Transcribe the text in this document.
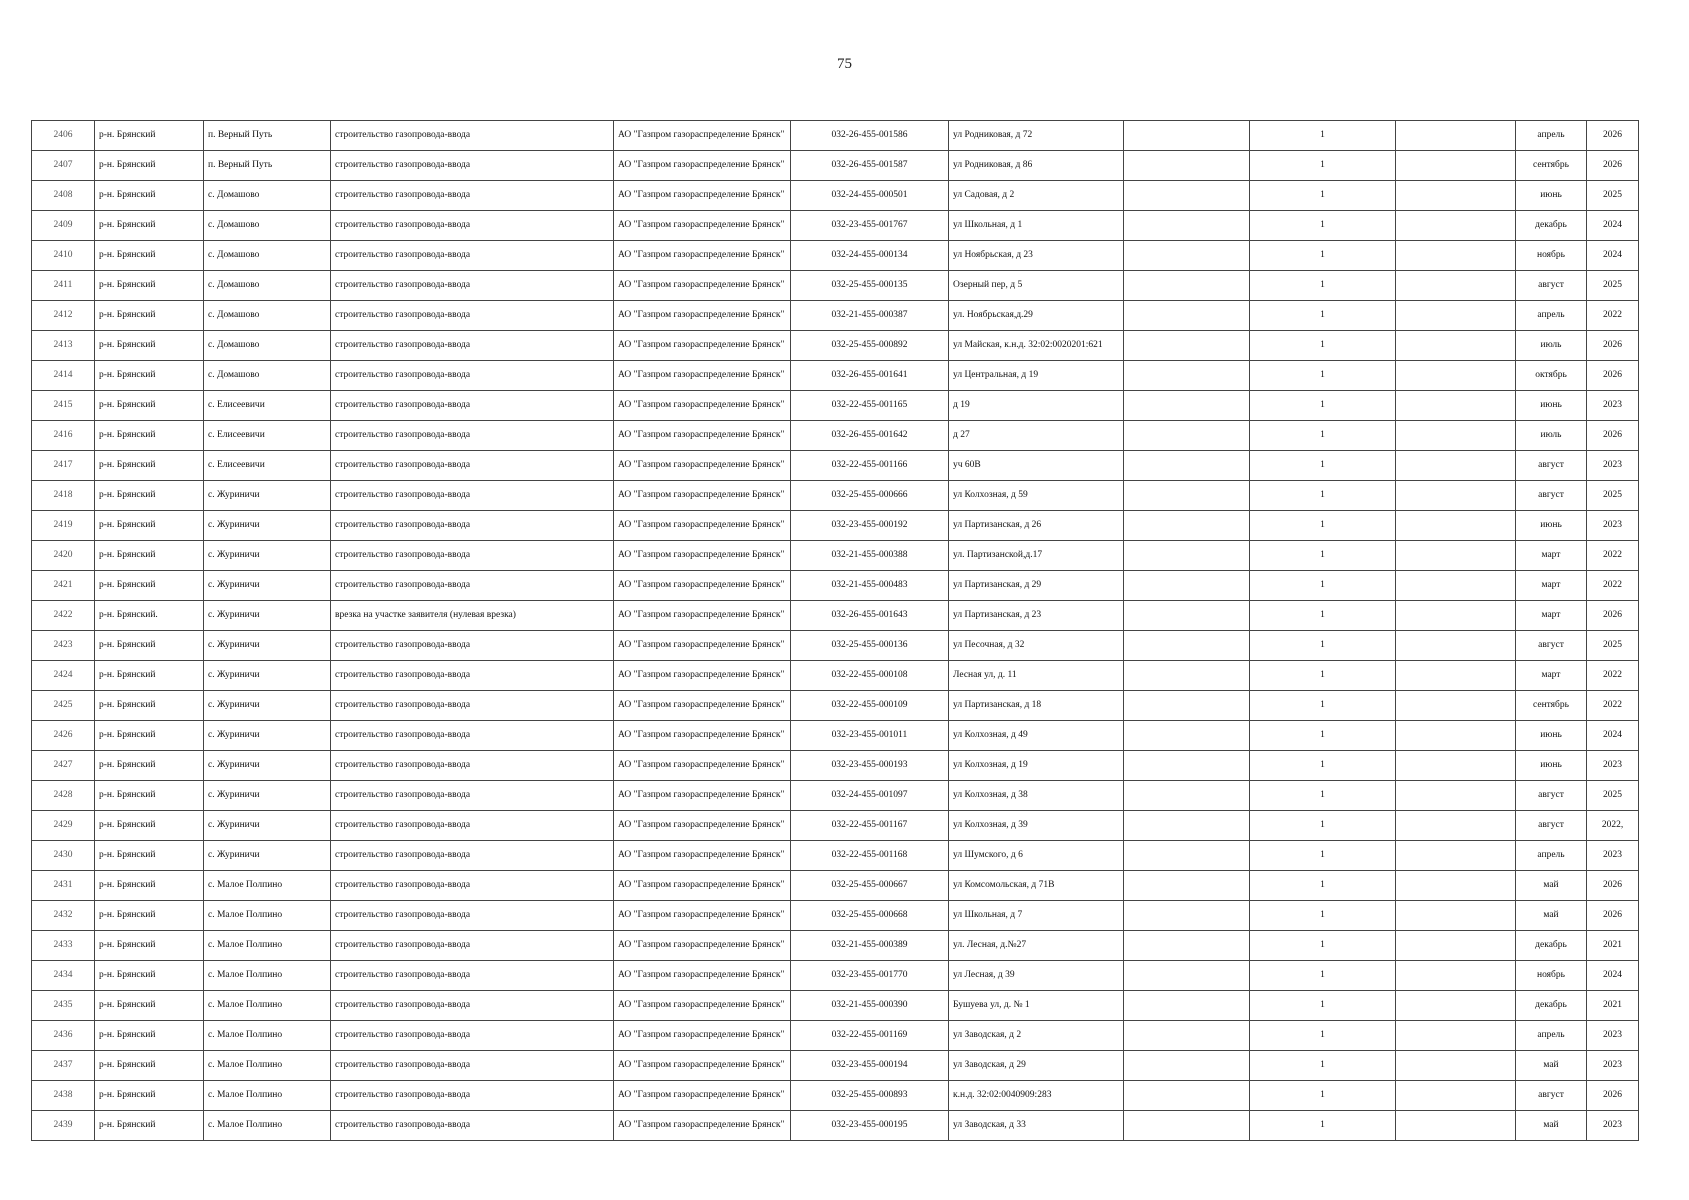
75
2406	р-н. Брянский	п. Верный Путь	строительство газопровода-ввода	АО "Газпром газораспределение Брянск"	032-26-455-001586	ул Родниковая, д 72		1		апрель	2026
2407	р-н. Брянский	п. Верный Путь	строительство газопровода-ввода	АО "Газпром газораспределение Брянск"	032-26-455-001587	ул Родниковая, д 86		1		сентябрь	2026
2408	р-н. Брянский	с. Домашово	строительство газопровода-ввода	АО "Газпром газораспределение Брянск"	032-24-455-000501	ул Садовая, д 2		1		июнь	2025
2409	р-н. Брянский	с. Домашово	строительство газопровода-ввода	АО "Газпром газораспределение Брянск"	032-23-455-001767	ул Школьная, д 1		1		декабрь	2024
2410	р-н. Брянский	с. Домашово	строительство газопровода-ввода	АО "Газпром газораспределение Брянск"	032-24-455-000134	ул Ноябрьская, д 23		1		ноябрь	2024
2411	р-н. Брянский	с. Домашово	строительство газопровода-ввода	АО "Газпром газораспределение Брянск"	032-25-455-000135	Озерный пер, д 5		1		август	2025
2412	р-н. Брянский	с. Домашово	строительство газопровода-ввода	АО "Газпром газораспределение Брянск"	032-21-455-000387	ул. Ноябрьская,д.29		1		апрель	2022
2413	р-н. Брянский	с. Домашово	строительство газопровода-ввода	АО "Газпром газораспределение Брянск"	032-25-455-000892	ул Майская, к.н.д. 32:02:0020201:621		1		июль	2026
2414	р-н. Брянский	с. Домашово	строительство газопровода-ввода	АО "Газпром газораспределение Брянск"	032-26-455-001641	ул Центральная, д 19		1		октябрь	2026
2415	р-н. Брянский	с. Елисеевичи	строительство газопровода-ввода	АО "Газпром газораспределение Брянск"	032-22-455-001165	д 19		1		июнь	2023
2416	р-н. Брянский	с. Елисеевичи	строительство газопровода-ввода	АО "Газпром газораспределение Брянск"	032-26-455-001642	д 27		1		июль	2026
2417	р-н. Брянский	с. Елисеевичи	строительство газопровода-ввода	АО "Газпром газораспределение Брянск"	032-22-455-001166	уч 60В		1		август	2023
2418	р-н. Брянский	с. Журиничи	строительство газопровода-ввода	АО "Газпром газораспределение Брянск"	032-25-455-000666	ул Колхозная, д 59		1		август	2025
2419	р-н. Брянский	с. Журиничи	строительство газопровода-ввода	АО "Газпром газораспределение Брянск"	032-23-455-000192	ул Партизанская, д 26		1		июнь	2023
2420	р-н. Брянский	с. Журиничи	строительство газопровода-ввода	АО "Газпром газораспределение Брянск"	032-21-455-000388	ул. Партизанской,д.17		1		март	2022
2421	р-н. Брянский	с. Журиничи	строительство газопровода-ввода	АО "Газпром газораспределение Брянск"	032-21-455-000483	ул Партизанская, д 29		1		март	2022
2422	р-н. Брянский.	с. Журиничи	врезка на участке заявителя (нулевая врезка)	АО "Газпром газораспределение Брянск"	032-26-455-001643	ул Партизанская, д 23		1		март	2026
2423	р-н. Брянский	с. Журиничи	строительство газопровода-ввода	АО "Газпром газораспределение Брянск"	032-25-455-000136	ул Песочная, д 32		1		август	2025
2424	р-н. Брянский	с. Журиничи	строительство газопровода-ввода	АО "Газпром газораспределение Брянск"	032-22-455-000108	Лесная ул, д. 11		1		март	2022
2425	р-н. Брянский	с. Журиничи	строительство газопровода-ввода	АО "Газпром газораспределение Брянск"	032-22-455-000109	ул Партизанская, д 18		1		сентябрь	2022
2426	р-н. Брянский	с. Журиничи	строительство газопровода-ввода	АО "Газпром газораспределение Брянск"	032-23-455-001011	ул Колхозная, д 49		1		июнь	2024
2427	р-н. Брянский	с. Журиничи	строительство газопровода-ввода	АО "Газпром газораспределение Брянск"	032-23-455-000193	ул Колхозная, д 19		1		июнь	2023
2428	р-н. Брянский	с. Журиничи	строительство газопровода-ввода	АО "Газпром газораспределение Брянск"	032-24-455-001097	ул Колхозная, д 38		1		август	2025
2429	р-н. Брянский	с. Журиничи	строительство газопровода-ввода	АО "Газпром газораспределение Брянск"	032-22-455-001167	ул Колхозная, д 39		1		август	2022,
2430	р-н. Брянский	с. Журиничи	строительство газопровода-ввода	АО "Газпром газораспределение Брянск"	032-22-455-001168	ул Шумского, д 6		1		апрель	2023
2431	р-н. Брянский	с. Малое Полпино	строительство газопровода-ввода	АО "Газпром газораспределение Брянск"	032-25-455-000667	ул Комсомольская, д 71В		1		май	2026
2432	р-н. Брянский	с. Малое Полпино	строительство газопровода-ввода	АО "Газпром газораспределение Брянск"	032-25-455-000668	ул Школьная, д 7		1		май	2026
2433	р-н. Брянский	с. Малое Полпино	строительство газопровода-ввода	АО "Газпром газораспределение Брянск"	032-21-455-000389	ул. Лесная, д.№27		1		декабрь	2021
2434	р-н. Брянский	с. Малое Полпино	строительство газопровода-ввода	АО "Газпром газораспределение Брянск"	032-23-455-001770	ул Лесная, д 39		1		ноябрь	2024
2435	р-н. Брянский	с. Малое Полпино	строительство газопровода-ввода	АО "Газпром газораспределение Брянск"	032-21-455-000390	Бушуева ул, д. № 1		1		декабрь	2021
2436	р-н. Брянский	с. Малое Полпино	строительство газопровода-ввода	АО "Газпром газораспределение Брянск"	032-22-455-001169	ул Заводская, д 2		1		апрель	2023
2437	р-н. Брянский	с. Малое Полпино	строительство газопровода-ввода	АО "Газпром газораспределение Брянск"	032-23-455-000194	ул Заводская, д 29		1		май	2023
2438	р-н. Брянский	с. Малое Полпино	строительство газопровода-ввода	АО "Газпром газораспределение Брянск"	032-25-455-000893	к.н.д. 32:02:0040909:283		1		август	2026
2439	р-н. Брянский	с. Малое Полпино	строительство газопровода-ввода	АО "Газпром газораспределение Брянск"	032-23-455-000195	ул Заводская, д 33		1		май	2023
